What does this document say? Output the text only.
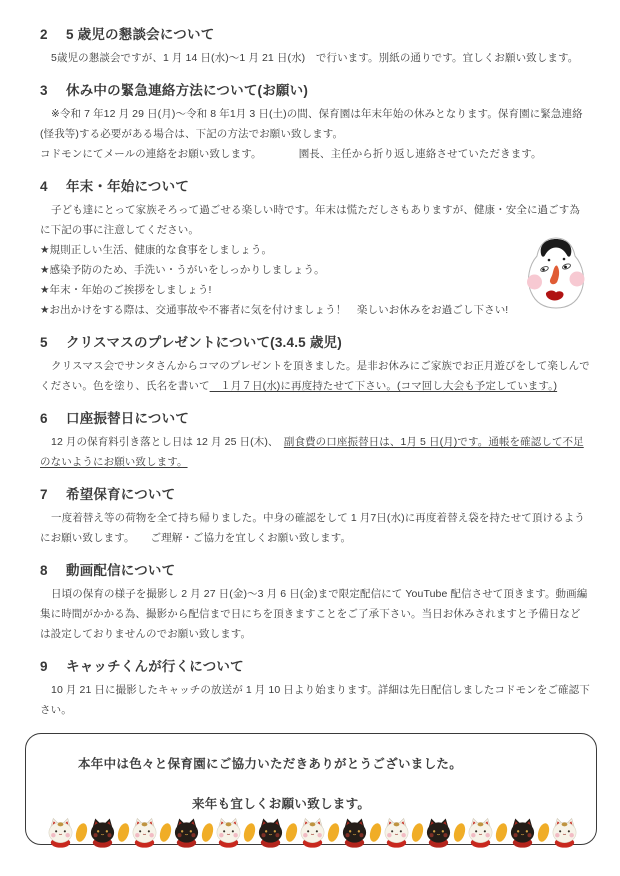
2	5 歳児の懇談会について

5歳児の懇談会ですが、1 月 14 日(水)～1 月 21 日(水)　で行います。別紙の通りです。宜しくお願い致します。

3	休み中の緊急連絡方法について(お願い)

※令和 7 年12 月 29 日(月)～令和 8 年1月 3 日(土)の間、保育園は年末年始の休みとなります。保育園に緊急連絡(怪我等)する必要がある場合は、下記の方法でお願い致します。

コドモンにてメールの連絡をお願い致します。　　　　園長、主任から折り返し連絡させていただきます。

4	年末・年始について

子ども達にとって家族そろって過ごせる楽しい時です。年末は慌ただしさもありますが、健康・安全に過ごす為に下記の事に注意してください。

★規則正しい生活、健康的な食事をしましょう。

★感染予防のため、手洗い・うがいをしっかりしましょう。

★年末・年始のご挨拶をしましょう!

★お出かけをする際は、交通事故や不審者に気を付けましょう！　楽しいお休みをお過ごし下さい!

5	クリスマスのプレゼントについて(3.4.5 歳児)

クリスマス会でサンタさんからコマのプレゼントを頂きました。是非お休みにご家族でお正月遊びをして楽しんでください。色を塗り、氏名を書いて　１月７日(水)に再度持たせて下さい。(コマ回し大会も予定しています。)

6	口座振替日について

12 月の保育料引き落とし日は 12 月 25 日(木)、　副食費の口座振替日は、1月 5 日(月)です。通帳を確認して不足のないようにお願い致します。

7	希望保育について

一度着替え等の荷物を全て持ち帰りました。中身の確認をして 1 月7日(水)に再度着替え袋を持たせて頂けるようにお願い致します。　　ご理解・ご協力を宜しくお願い致します。

8	動画配信について

日頃の保育の様子を撮影し 2 月 27 日(金)～3 月 6 日(金)まで限定配信にて YouTube 配信させて頂きます。動画編集に時間がかかる為、撮影から配信まで日にちを頂きますことをご了承下さい。当日お休みされますと予備日などは設定しておりませんのでお願い致します。

9	キャッチくんが行くについて

10 月 21 日に撮影したキャッチの放送が 1 月 10 日より始まります。詳細は先日配信しましたコドモンをご確認下さい。

本年中は色々と保育園にご協力いただきありがとうございました。
来年も宜しくお願い致します。
